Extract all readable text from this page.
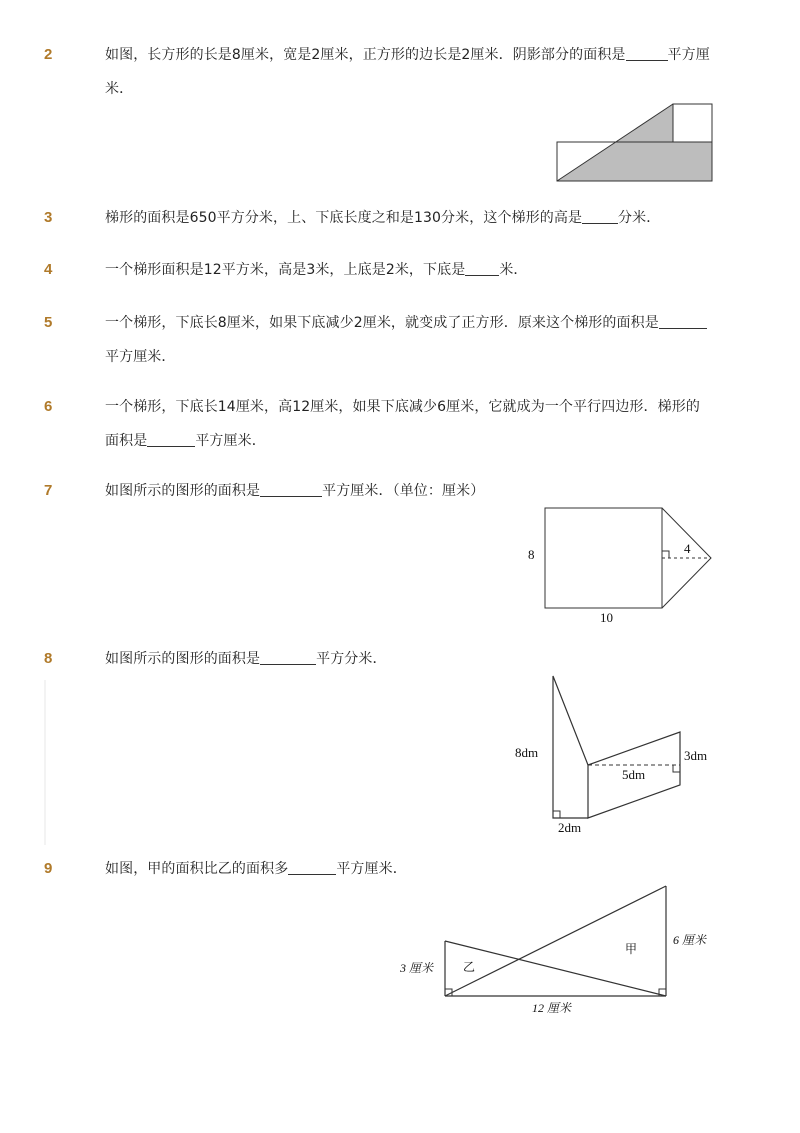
2	如图，长方形的长是8厘米，宽是2厘米，正方形的边长是2厘米．阴影部分的面积是	平方厘
米．
3	梯形的面积是650平方分米，上、下底长度之和是130分米，这个梯形的高是	分米．
4	一个梯形面积是12平方米，高是3米，上底是2米，下底是 米．
5	一个梯形，下底长8厘米，如果下底减少2厘米，就变成了正方形．原来这个梯形的面积是
平方厘米．
6	一个梯形，下底长14厘米，高12厘米，如果下底减少6厘米，它就成为一个平行四边形．梯形的
面积是	平方厘米．
7	如图所示的图形的面积是	平方厘米．（单位：厘米）
8
10
4
8	如图所示的图形的面积是	平方分米．
8dm
2dm
3dm
5dm
9	如图，甲的面积比乙的面积多	平方厘米．
3 厘米
6 厘米
12 厘米
甲
乙
